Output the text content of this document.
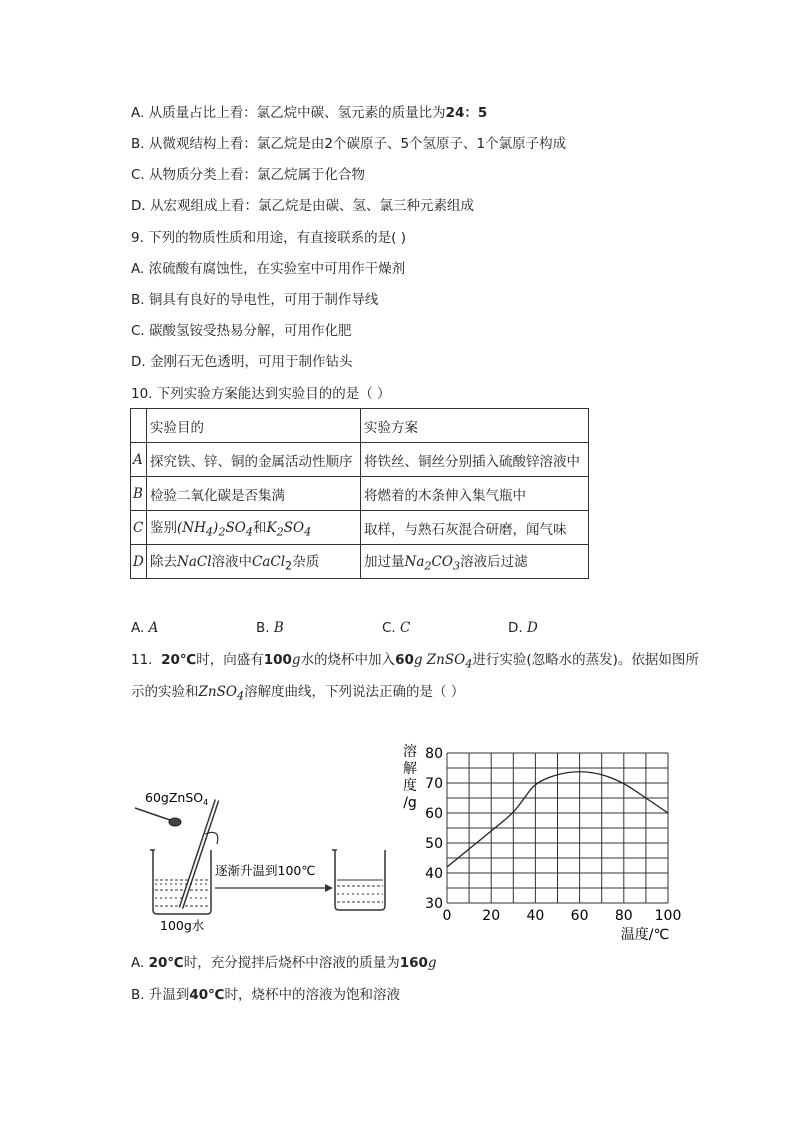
A. 从质量占比上看：氯乙烷中碳、氢元素的质量比为24：5
B. 从微观结构上看：氯乙烷是由2个碳原子、5个氢原子、1个氯原子构成
C. 从物质分类上看：氯乙烷属于化合物
D. 从宏观组成上看：氯乙烷是由碳、氢、氯三种元素组成
9. 下列的物质性质和用途，有直接联系的是( )
A. 浓硫酸有腐蚀性，在实验室中可用作干燥剂
B. 铜具有良好的导电性，可用于制作导线
C. 碳酸氢铵受热易分解，可用作化肥
D. 金刚石无色透明，可用于制作钻头
10. 下列实验方案能达到实验目的的是（ ）
	实验目的	实验方案
A	探究铁、锌、铜的金属活动性顺序	将铁丝、铜丝分别插入硫酸锌溶液中
B	检验二氧化碳是否集满	将燃着的木条伸入集气瓶中
C	鉴别$(NH_4)_2SO_4$和$K_2SO_4$	取样，与熟石灰混合研磨，闻气味
D	除去NaCl溶液中CaCl$_2$杂质	加过量$Na_2CO_3$溶液后过滤
A. A	B. B	C. C	D. D
11. 20℃时，向盛有100g水的烧杯中加入60g ZnSO$_4$进行实验(忽略水的蒸发)。依据如图所
示的实验和ZnSO$_4$溶解度曲线，下列说法正确的是（ ）
60gZnSO$_4$
逐渐升温到100℃
100g水
溶
解
度
/g
0 20 40 60 80 100
30
40
50
60
70
80
温度/℃
A. 20℃时，充分搅拌后烧杯中溶液的质量为160g
B. 升温到40℃时，烧杯中的溶液为饱和溶液
